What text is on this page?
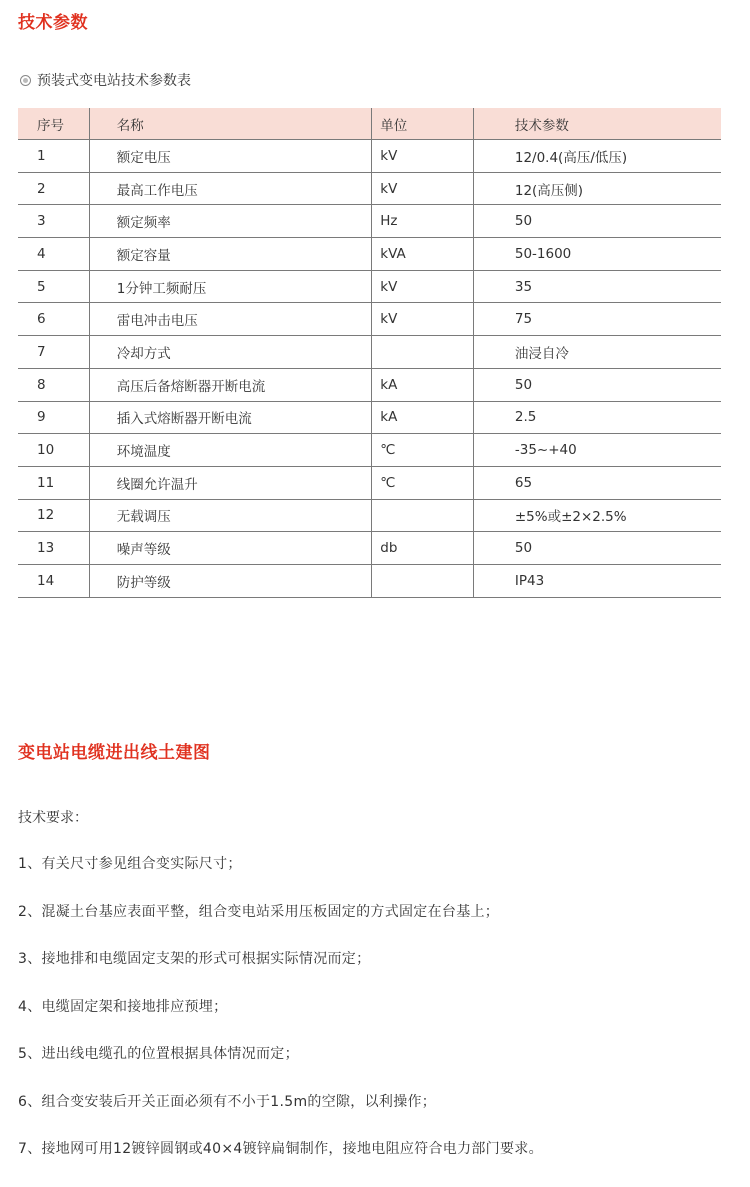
技术参数
预装式变电站技术参数表
序号	名称	单位	技术参数

1	额定电压	kV	12/0.4(高压/低压)

2	最高工作电压	kV	12(高压侧)

3	额定频率	Hz	50

4	额定容量	kVA	50-1600

5	1分钟工频耐压	kV	35

6	雷电冲击电压	kV	75

7	冷却方式		油浸自冷

8	高压后备熔断器开断电流	kA	50

9	插入式熔断器开断电流	kA	2.5

10	环境温度	℃	-35~+40

11	线圈允许温升	℃	65

12	无载调压		±5%或±2×2.5%

13	噪声等级	db	50

14	防护等级		IP43
变电站电缆进出线土建图

技术要求：

1、有关尺寸参见组合变实际尺寸；

2、混凝土台基应表面平整，组合变电站采用压板固定的方式固定在台基上；

3、接地排和电缆固定支架的形式可根据实际情况而定；

4、电缆固定架和接地排应预埋；

5、进出线电缆孔的位置根据具体情况而定；

6、组合变安装后开关正面必须有不小于1.5m的空隙，以利操作；

7、接地网可用12镀锌圆钢或40×4镀锌扁铜制作，接地电阻应符合电力部门要求。
